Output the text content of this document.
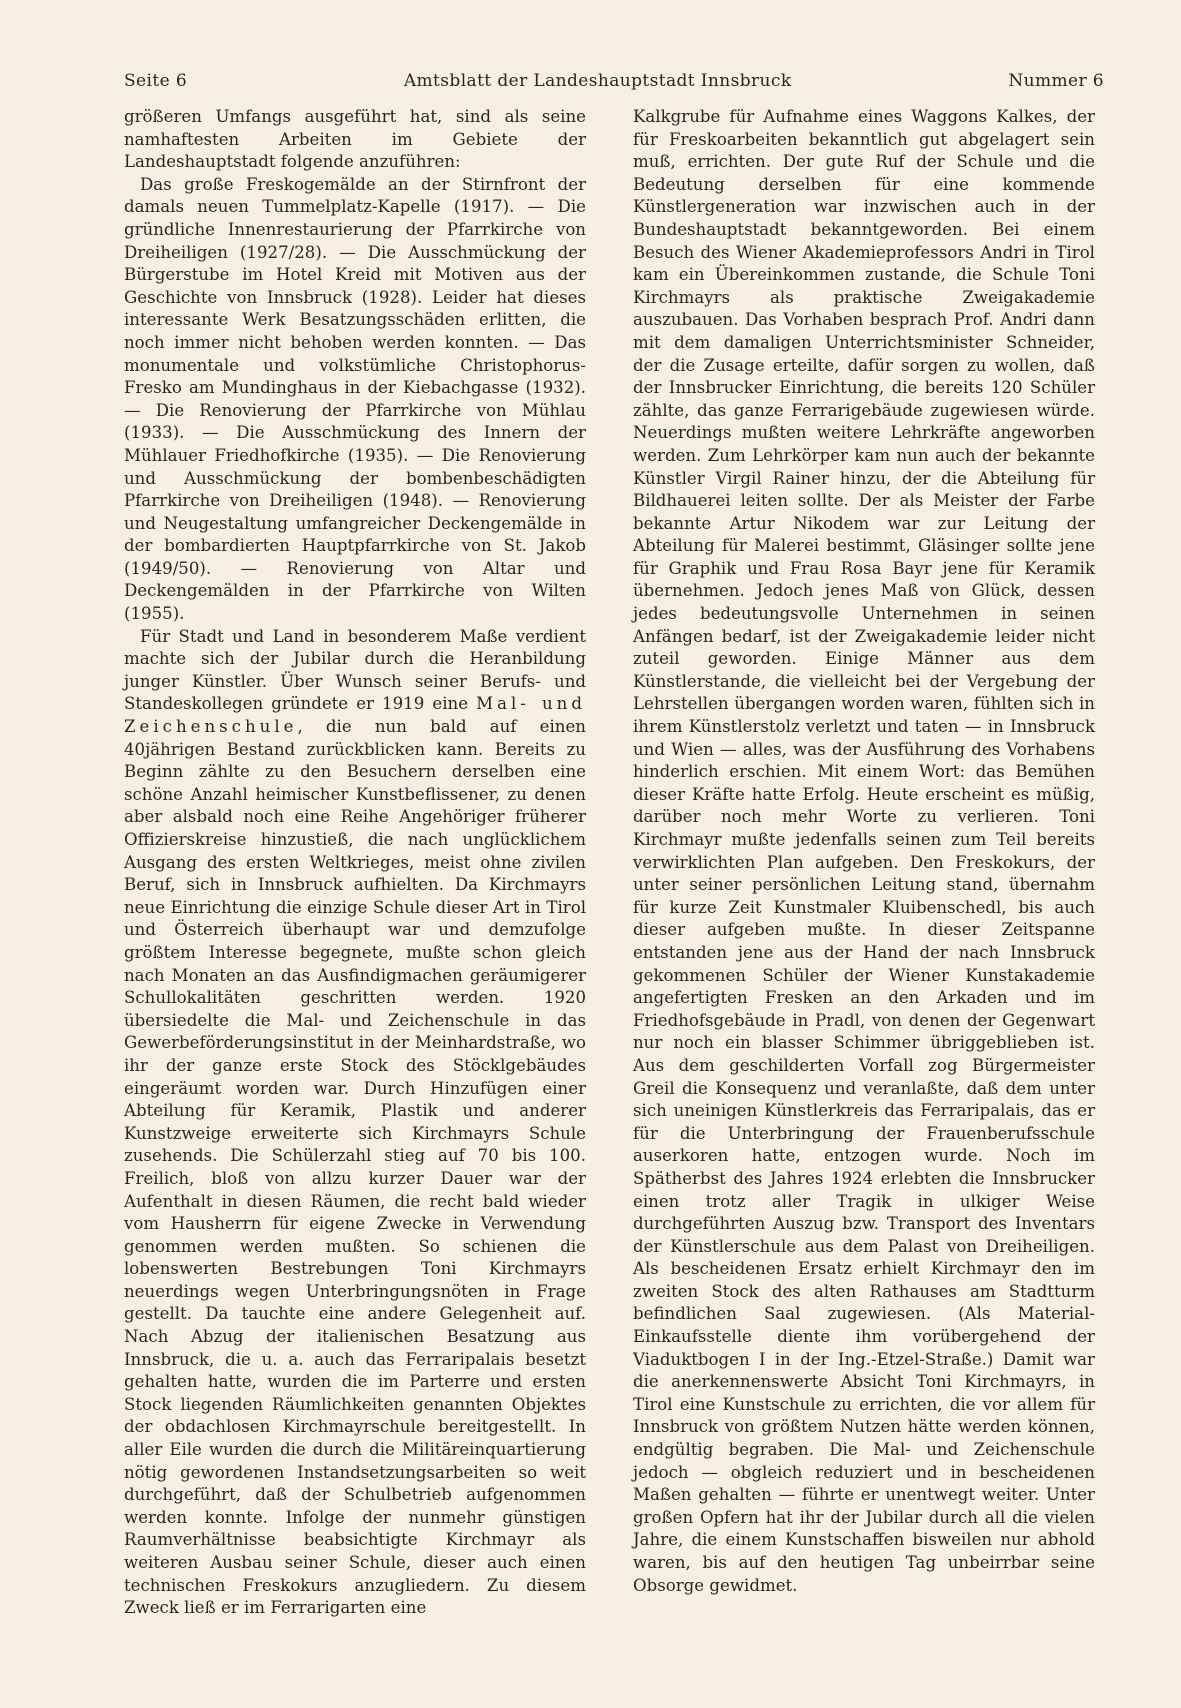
Seite 6	Amtsblatt der Landeshauptstadt Innsbruck	Nummer 6

größeren Umfangs ausgeführt hat, sind als seine namhaftesten Arbeiten im Gebiete der Landeshauptstadt folgende anzuführen:

Das große Freskogemälde an der Stirnfront der damals neuen Tummelplatz-Kapelle (1917). — Die gründliche Innenrestaurierung der Pfarrkirche von Dreiheiligen (1927/28). — Die Ausschmückung der Bürgerstube im Hotel Kreid mit Motiven aus der Geschichte von Innsbruck (1928). Leider hat dieses interessante Werk Besatzungsschäden erlitten, die noch immer nicht behoben werden konnten. — Das monumentale und volkstümliche Christophorus-Fresko am Mundinghaus in der Kiebachgasse (1932). — Die Renovierung der Pfarrkirche von Mühlau (1933). — Die Ausschmückung des Innern der Mühlauer Friedhofkirche (1935). — Die Renovierung und Ausschmückung der bombenbeschädigten Pfarrkirche von Dreiheiligen (1948). — Renovierung und Neugestaltung umfangreicher Deckengemälde in der bombardierten Hauptpfarrkirche von St. Jakob (1949/50). — Renovierung von Altar und Deckengemälden in der Pfarrkirche von Wilten (1955).

Für Stadt und Land in besonderem Maße verdient machte sich der Jubilar durch die Heranbildung junger Künstler. Über Wunsch seiner Berufs- und Standeskollegen gründete er 1919 eine Mal- und Zeichenschule, die nun bald auf einen 40jährigen Bestand zurückblicken kann. Bereits zu Beginn zählte zu den Besuchern derselben eine schöne Anzahl heimischer Kunstbeflissener, zu denen aber alsbald noch eine Reihe Angehöriger früherer Offizierskreise hinzustieß, die nach unglücklichem Ausgang des ersten Weltkrieges, meist ohne zivilen Beruf, sich in Innsbruck aufhielten. Da Kirchmayrs neue Einrichtung die einzige Schule dieser Art in Tirol und Österreich überhaupt war und demzufolge größtem Interesse begegnete, mußte schon gleich nach Monaten an das Ausfindigmachen geräumigerer Schullokalitäten geschritten werden. 1920 übersiedelte die Mal- und Zeichenschule in das Gewerbeförderungsinstitut in der Meinhardstraße, wo ihr der ganze erste Stock des Stöcklgebäudes eingeräumt worden war. Durch Hinzufügen einer Abteilung für Keramik, Plastik und anderer Kunstzweige erweiterte sich Kirchmayrs Schule zusehends. Die Schülerzahl stieg auf 70 bis 100. Freilich, bloß von allzu kurzer Dauer war der Aufenthalt in diesen Räumen, die recht bald wieder vom Hausherrn für eigene Zwecke in Verwendung genommen werden mußten. So schienen die lobenswerten Bestrebungen Toni Kirchmayrs neuerdings wegen Unterbringungsnöten in Frage gestellt. Da tauchte eine andere Gelegenheit auf. Nach Abzug der italienischen Besatzung aus Innsbruck, die u. a. auch das Ferraripalais besetzt gehalten hatte, wurden die im Parterre und ersten Stock liegenden Räumlichkeiten genannten Objektes der obdachlosen Kirchmayrschule bereitgestellt. In aller Eile wurden die durch die Militäreinquartierung nötig gewordenen Instandsetzungsarbeiten so weit durchgeführt, daß der Schulbetrieb aufgenommen werden konnte. Infolge der nunmehr günstigen Raumverhältnisse beabsichtigte Kirchmayr als weiteren Ausbau seiner Schule, dieser auch einen technischen Freskokurs anzugliedern. Zu diesem Zweck ließ er im Ferrarigarten eine

Kalkgrube für Aufnahme eines Waggons Kalkes, der für Freskoarbeiten bekanntlich gut abgelagert sein muß, errichten. Der gute Ruf der Schule und die Bedeutung derselben für eine kommende Künstlergeneration war inzwischen auch in der Bundeshauptstadt bekanntgeworden. Bei einem Besuch des Wiener Akademieprofessors Andri in Tirol kam ein Übereinkommen zustande, die Schule Toni Kirchmayrs als praktische Zweigakademie auszubauen. Das Vorhaben besprach Prof. Andri dann mit dem damaligen Unterrichtsminister Schneider, der die Zusage erteilte, dafür sorgen zu wollen, daß der Innsbrucker Einrichtung, die bereits 120 Schüler zählte, das ganze Ferrarigebäude zugewiesen würde. Neuerdings mußten weitere Lehrkräfte angeworben werden. Zum Lehrkörper kam nun auch der bekannte Künstler Virgil Rainer hinzu, der die Abteilung für Bildhauerei leiten sollte. Der als Meister der Farbe bekannte Artur Nikodem war zur Leitung der Abteilung für Malerei bestimmt, Gläsinger sollte jene für Graphik und Frau Rosa Bayr jene für Keramik übernehmen. Jedoch jenes Maß von Glück, dessen jedes bedeutungsvolle Unternehmen in seinen Anfängen bedarf, ist der Zweigakademie leider nicht zuteil geworden. Einige Männer aus dem Künstlerstande, die vielleicht bei der Vergebung der Lehrstellen übergangen worden waren, fühlten sich in ihrem Künstlerstolz verletzt und taten — in Innsbruck und Wien — alles, was der Ausführung des Vorhabens hinderlich erschien. Mit einem Wort: das Bemühen dieser Kräfte hatte Erfolg. Heute erscheint es müßig, darüber noch mehr Worte zu verlieren. Toni Kirchmayr mußte jedenfalls seinen zum Teil bereits verwirklichten Plan aufgeben. Den Freskokurs, der unter seiner persönlichen Leitung stand, übernahm für kurze Zeit Kunstmaler Kluibenschedl, bis auch dieser aufgeben mußte. In dieser Zeitspanne entstanden jene aus der Hand der nach Innsbruck gekommenen Schüler der Wiener Kunstakademie angefertigten Fresken an den Arkaden und im Friedhofsgebäude in Pradl, von denen der Gegenwart nur noch ein blasser Schimmer übriggeblieben ist. Aus dem geschilderten Vorfall zog Bürgermeister Greil die Konsequenz und veranlaßte, daß dem unter sich uneinigen Künstlerkreis das Ferraripalais, das er für die Unterbringung der Frauenberufsschule auserkoren hatte, entzogen wurde. Noch im Spätherbst des Jahres 1924 erlebten die Innsbrucker einen trotz aller Tragik in ulkiger Weise durchgeführten Auszug bzw. Transport des Inventars der Künstlerschule aus dem Palast von Dreiheiligen. Als bescheidenen Ersatz erhielt Kirchmayr den im zweiten Stock des alten Rathauses am Stadtturm befindlichen Saal zugewiesen. (Als Material-Einkaufsstelle diente ihm vorübergehend der Viaduktbogen I in der Ing.-Etzel-Straße.) Damit war die anerkennenswerte Absicht Toni Kirchmayrs, in Tirol eine Kunstschule zu errichten, die vor allem für Innsbruck von größtem Nutzen hätte werden können, endgültig begraben. Die Mal- und Zeichenschule jedoch — obgleich reduziert und in bescheidenen Maßen gehalten — führte er unentwegt weiter. Unter großen Opfern hat ihr der Jubilar durch all die vielen Jahre, die einem Kunstschaffen bisweilen nur abhold waren, bis auf den heutigen Tag unbeirrbar seine Obsorge gewidmet.
